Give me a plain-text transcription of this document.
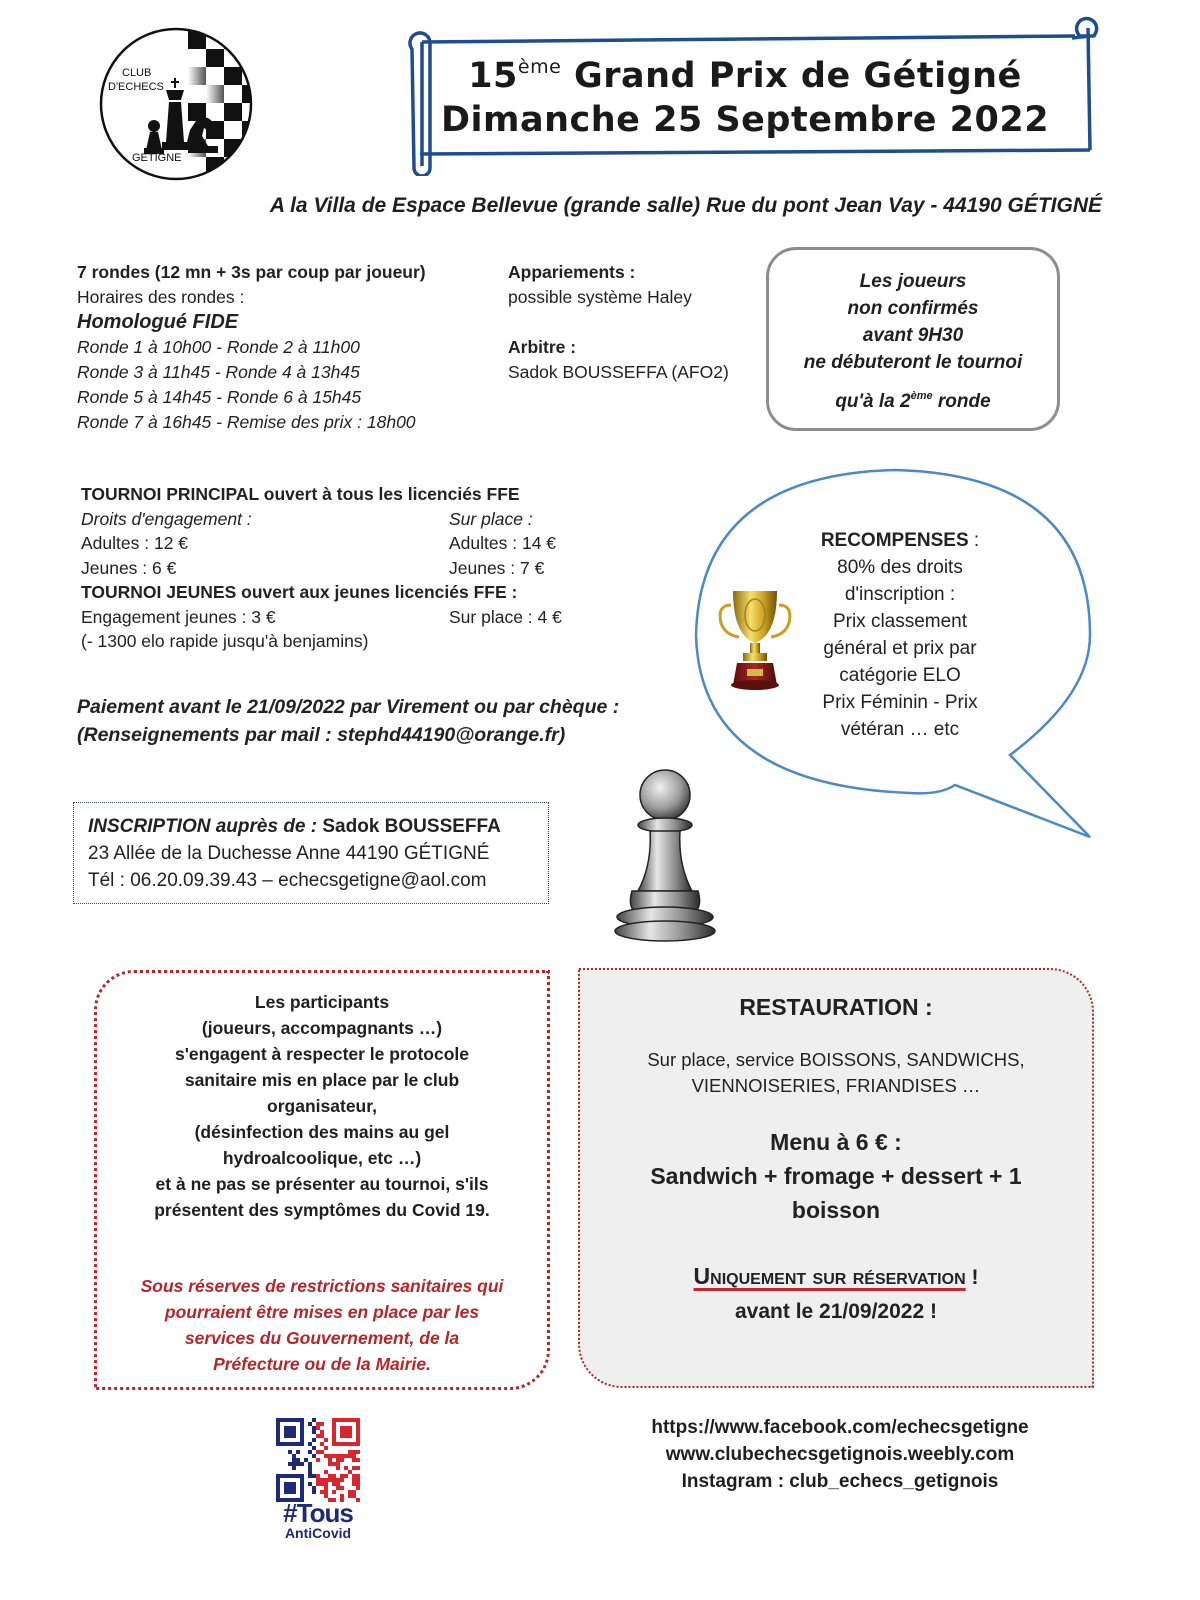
CLUB
D'ECHECS
GETIGNE
15ème Grand Prix de Gétigné
Dimanche 25 Septembre 2022
A la Villa de Espace Bellevue (grande salle) Rue du pont Jean Vay - 44190 GÉTIGNÉ
7 rondes (12 mn + 3s par coup par joueur)
Horaires des rondes :
Homologué FIDE
Ronde 1 à 10h00 - Ronde 2 à 11h00
Ronde 3 à 11h45 - Ronde 4 à 13h45
Ronde 5 à 14h45 - Ronde 6 à 15h45
Ronde 7 à 16h45 - Remise des prix : 18h00
Appariements :
possible système Haley
Arbitre :
Sadok BOUSSEFFA (AFO2)
Les joueurs
non confirmés
avant 9H30
ne débuteront le tournoi
qu'à la 2ème ronde
TOURNOI PRINCIPAL ouvert à tous les licenciés FFE
Droits d'engagement :	Sur place :
Adultes : 12 €	Adultes : 14 €
Jeunes : 6 €	Jeunes : 7 €
TOURNOI JEUNES ouvert aux jeunes licenciés FFE :
Engagement jeunes : 3 €	Sur place : 4 €
(- 1300 elo rapide jusqu'à benjamins)
Paiement avant le 21/09/2022 par Virement ou par chèque :
(Renseignements par mail : stephd44190@orange.fr)
INSCRIPTION auprès de : Sadok BOUSSEFFA
23 Allée de la Duchesse Anne 44190 GÉTIGNÉ
Tél : 06.20.09.39.43 – echecsgetigne@aol.com
RECOMPENSES :
80% des droits
d'inscription :
Prix classement
général et prix par
catégorie ELO
Prix Féminin - Prix
vétéran … etc
Les participants
(joueurs, accompagnants …)
s'engagent à respecter le protocole
sanitaire mis en place par le club
organisateur,
(désinfection des mains au gel
hydroalcoolique, etc …)
et à ne pas se présenter au tournoi, s'ils
présentent des symptômes du Covid 19.
Sous réserves de restrictions sanitaires qui
pourraient être mises en place par les
services du Gouvernement, de la
Préfecture ou de la Mairie.
RESTAURATION :
Sur place, service BOISSONS, SANDWICHS,
VIENNOISERIES, FRIANDISES …
Menu à 6 € :
Sandwich + fromage + dessert + 1
boisson
Uniquement sur réservation !
avant le 21/09/2022 !
#Tous
AntiCovid
https://www.facebook.com/echecsgetigne
www.clubechecsgetignois.weebly.com
Instagram : club_echecs_getignois
